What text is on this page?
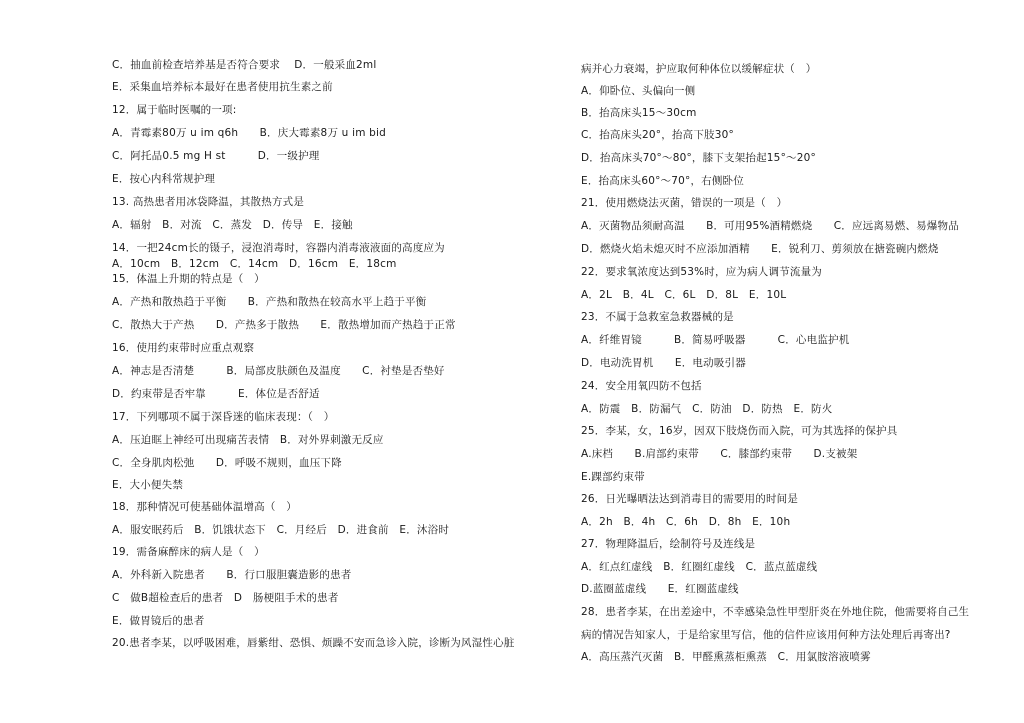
C．抽血前检查培养基是否符合要求　 D．一般采血2ml
E．采集血培养标本最好在患者使用抗生素之前
12．属于临时医嘱的一项:
A．青霉素80万 u im q6h　　B．庆大霉素8万 u im bid
C．阿托品0.5 mg H st　　　D．一级护理
E．按心内科常规护理
13. 高热患者用冰袋降温，其散热方式是
A．辐射　B．对流　C．蒸发　D．传导　E．接触
14．一把24cm长的镊子，浸泡消毒时，容器内消毒液液面的高度应为
A．10cm　B．12cm　C．14cm　D．16cm　E．18cm
15．体温上升期的特点是（　）
A．产热和散热趋于平衡　　B．产热和散热在较高水平上趋于平衡
C．散热大于产热　　D．产热多于散热　　E．散热增加而产热趋于正常
16．使用约束带时应重点观察
A．神志是否清楚　　　B．局部皮肤颜色及温度　　C．衬垫是否垫好
D．约束带是否牢靠　　　E．体位是否舒适
17．下列哪项不属于深昏迷的临床表现：（　）
A．压迫眶上神经可出现痛苦表情　B．对外界刺激无反应
C．全身肌肉松弛　　D．呼吸不规则，血压下降
E．大小便失禁
18．那种情况可使基础体温增高（　）
A．服安眠药后　B．饥饿状态下　C．月经后　D．进食前　E．沐浴时
19．需备麻醉床的病人是（　）
A．外科新入院患者　　B．行口服胆囊造影的患者
C　做B超检查后的患者　D　肠梗阻手术的患者
E．做胃镜后的患者
20.患者李某，以呼吸困难，唇紫绀、恐惧、烦躁不安而急诊入院，诊断为风湿性心脏
病并心力衰竭，护应取何种体位以缓解症状（　）
A．仰卧位、头偏向一侧
B．抬高床头15～30cm
C．抬高床头20°，抬高下肢30°
D．抬高床头70°～80°，膝下支架抬起15°～20°
E．抬高床头60°～70°，右侧卧位
21．使用燃烧法灭菌，错误的一项是（　）
A．灭菌物品须耐高温　　B．可用95%酒精燃烧　　C．应远离易燃、易爆物品
D．燃烧火焰未熄灭时不应添加酒精　　E．锐利刀、剪须放在搪瓷碗内燃烧
22．要求氧浓度达到53%时，应为病人调节流量为
A．2L　B．4L　C．6L　D．8L　E．10L
23．不属于急救室急救器械的是
A．纤维胃镜　　　B．简易呼吸器　　　C．心电监护机
D．电动洗胃机　　E．电动吸引器
24．安全用氧四防不包括
A．防震　B．防漏气　C．防油　D．防热　E．防火
25．李某，女，16岁，因双下肢烧伤而入院，可为其选择的保护具
A.床档　　B.肩部约束带　　C．膝部约束带　　D.支被架
E.踝部约束带
26．日光曝晒法达到消毒目的需要用的时间是
A．2h　B．4h　C．6h　D．8h　E．10h
27．物理降温后，绘制符号及连线是
A．红点红虚线　B．红圈红虚线　C．蓝点蓝虚线
D.蓝圈蓝虚线　　E．红圈蓝虚线
28．患者李某，在出差途中，不幸感染急性甲型肝炎在外地住院，他需要将自己生
病的情况告知家人，于是给家里写信，他的信件应该用何种方法处理后再寄出?
A．高压蒸汽灭菌　B．甲醛熏蒸柜熏蒸　C．用氯胺溶液喷雾
